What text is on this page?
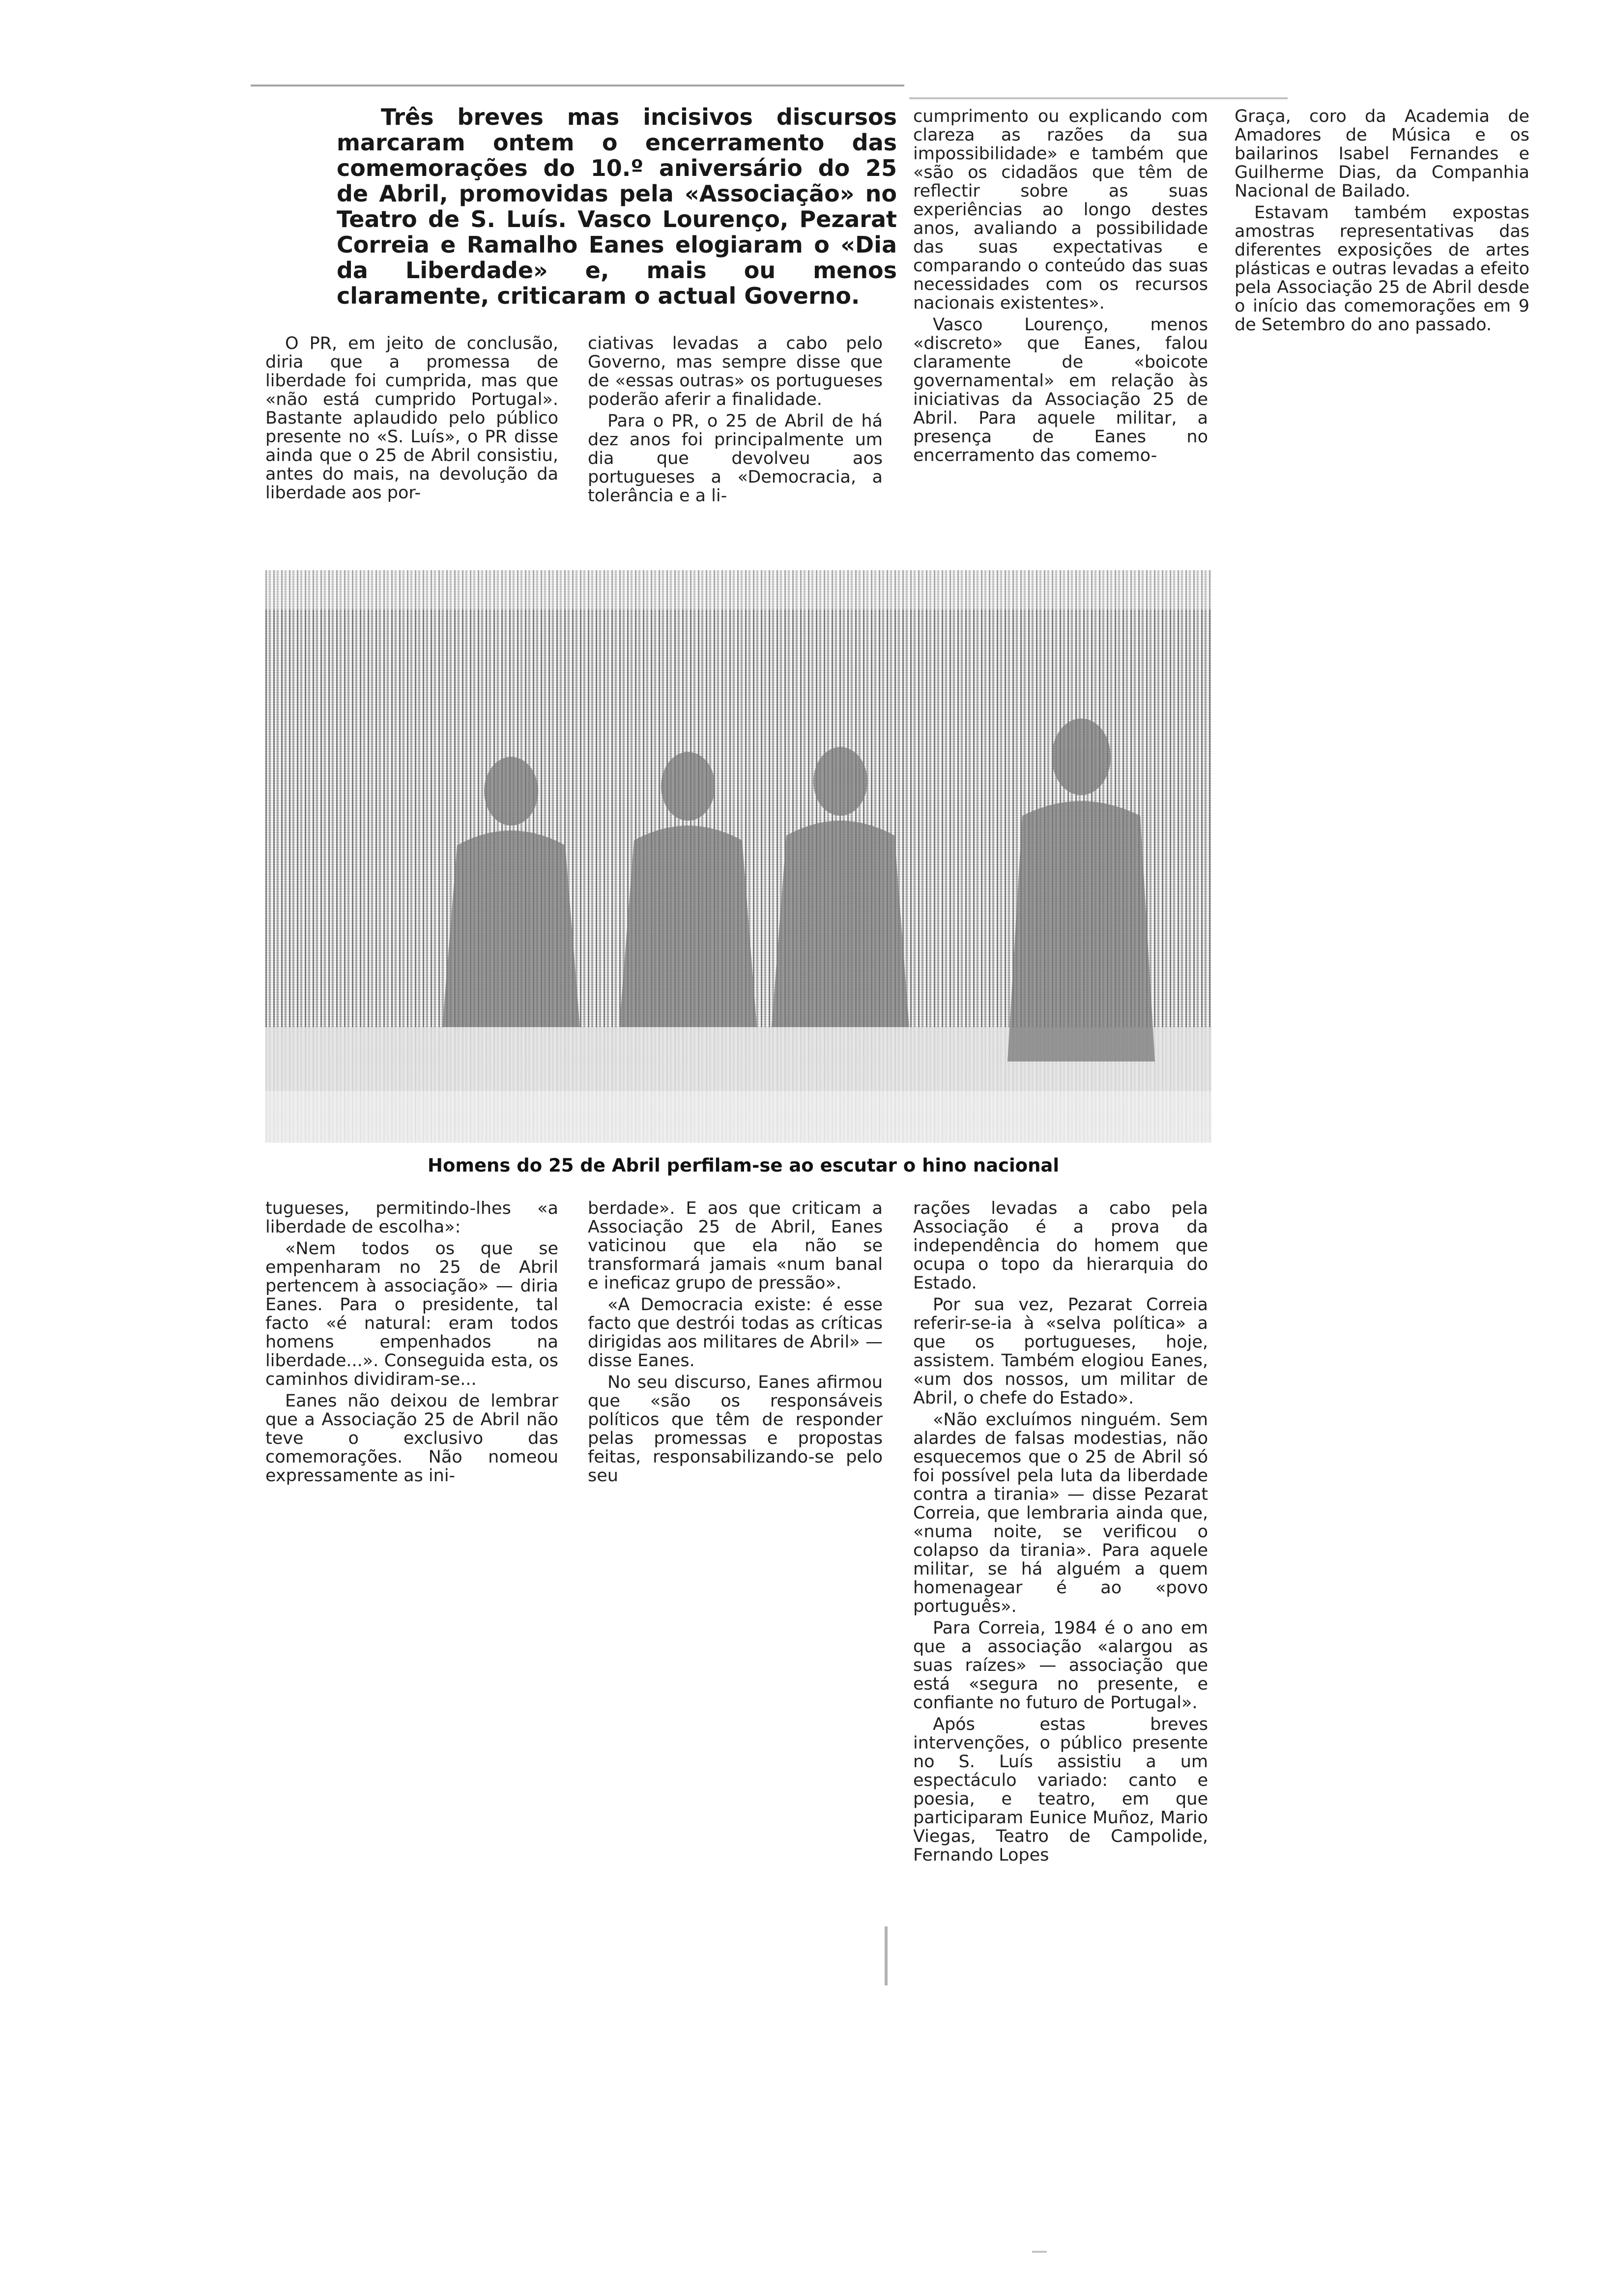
Três breves mas incisivos discursos marcaram ontem o encerramento das comemorações do 10.º aniversário do 25 de Abril, promovidas pela «Associação» no Teatro de S. Luís. Vasco Lourenço, Pezarat Correia e Ramalho Eanes elogiaram o «Dia da Liberdade» e, mais ou menos claramente, criticaram o actual Governo.

O PR, em jeito de conclusão, diria que a promessa de liberdade foi cumprida, mas que «não está cumprido Portugal». Bastante aplaudido pelo público presente no «S. Luís», o PR disse ainda que o 25 de Abril consistiu, antes do mais, na devolução da liberdade aos por-

ciativas levadas a cabo pelo Governo, mas sempre disse que de «essas outras» os portugueses poderão aferir a finalidade.

Para o PR, o 25 de Abril de há dez anos foi principalmente um dia que devolveu aos portugueses a «Democracia, a tolerância e a li-

cumprimento ou explicando com clareza as razões da sua impossibilidade» e também que «são os cidadãos que têm de reflectir sobre as suas experiências ao longo destes anos, avaliando a possibilidade das suas expectativas e comparando o conteúdo das suas necessidades com os recursos nacionais existentes».

Vasco Lourenço, menos «discreto» que Eanes, falou claramente de «boicote governamental» em relação às iniciativas da Associação 25 de Abril. Para aquele militar, a presença de Eanes no encerramento das comemo-

Graça, coro da Academia de Amadores de Música e os bailarinos Isabel Fernandes e Guilherme Dias, da Companhia Nacional de Bailado.

Estavam também expostas amostras representativas das diferentes exposições de artes plásticas e outras levadas a efeito pela Associação 25 de Abril desde o início das comemorações em 9 de Setembro do ano passado.

Homens do 25 de Abril perfilam-se ao escutar o hino nacional

tugueses, permitindo-lhes «a liberdade de escolha»:

«Nem todos os que se empenharam no 25 de Abril pertencem à associação» — diria Eanes. Para o presidente, tal facto «é natural: eram todos homens empenhados na liberdade...». Conseguida esta, os caminhos dividiram-se...

Eanes não deixou de lembrar que a Associação 25 de Abril não teve o exclusivo das comemorações. Não nomeou expressamente as ini-

berdade». E aos que criticam a Associação 25 de Abril, Eanes vaticinou que ela não se transformará jamais «num banal e ineficaz grupo de pressão».

«A Democracia existe: é esse facto que destrói todas as críticas dirigidas aos militares de Abril» — disse Eanes.

No seu discurso, Eanes afirmou que «são os responsáveis políticos que têm de responder pelas promessas e propostas feitas, responsabilizando-se pelo seu

rações levadas a cabo pela Associação é a prova da independência do homem que ocupa o topo da hierarquia do Estado.

Por sua vez, Pezarat Correia referir-se-ia à «selva política» a que os portugueses, hoje, assistem. Também elogiou Eanes, «um dos nossos, um militar de Abril, o chefe do Estado».

«Não excluímos ninguém. Sem alardes de falsas modestias, não esquecemos que o 25 de Abril só foi possível pela luta da liberdade contra a tirania» — disse Pezarat Correia, que lembraria ainda que, «numa noite, se verificou o colapso da tirania». Para aquele militar, se há alguém a quem homenagear é ao «povo português».

Para Correia, 1984 é o ano em que a associação «alargou as suas raízes» — associação que está «segura no presente, e confiante no futuro de Portugal».

Após estas breves intervenções, o público presente no S. Luís assistiu a um espectáculo variado: canto e poesia, e teatro, em que participaram Eunice Muñoz, Mario Viegas, Teatro de Campolide, Fernando Lopes
